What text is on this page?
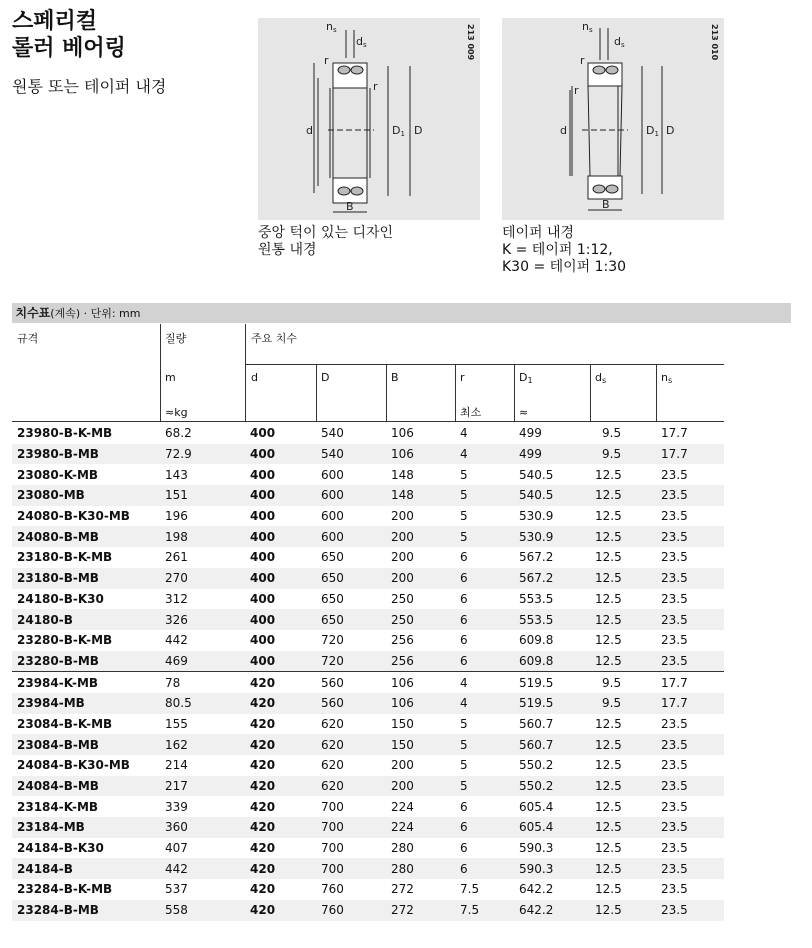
스페리컬
롤러 베어링
원통 또는 테이퍼 내경
ns
ds
r
r
d	D1 D
B
213 009	ns
ds
r
r
d	D1 D
B
213 010
중앙 턱이 있는 디자인
원통 내경
테이퍼 내경
K = 테이퍼 1:12,
K30 = 테이퍼 1:30
치수표(계속) · 단위: mm
규격	질량
m
≈kg
주요 치수
d	D	B	r
최소
$D_1$
≈
$d_s$	$n_s$
23980-B-K-MB	68.2	400	540	106	4	499	9.5	17.7
23980-B-MB	72.9	400	540	106	4	499	9.5	17.7
23080-K-MB	143	400	600	148	5	540.5	12.5	23.5
23080-MB	151	400	600	148	5	540.5	12.5	23.5
24080-B-K30-MB	196	400	600	200	5	530.9	12.5	23.5
24080-B-MB	198	400	600	200	5	530.9	12.5	23.5
23180-B-K-MB	261	400	650	200	6	567.2	12.5	23.5
23180-B-MB	270	400	650	200	6	567.2	12.5	23.5
24180-B-K30	312	400	650	250	6	553.5	12.5	23.5
24180-B	326	400	650	250	6	553.5	12.5	23.5
23280-B-K-MB	442	400	720	256	6	609.8	12.5	23.5
23280-B-MB	469	400	720	256	6	609.8	12.5	23.5
23984-K-MB	78	420	560	106	4	519.5	9.5	17.7
23984-MB	80.5	420	560	106	4	519.5	9.5	17.7
23084-B-K-MB	155	420	620	150	5	560.7	12.5	23.5
23084-B-MB	162	420	620	150	5	560.7	12.5	23.5
24084-B-K30-MB	214	420	620	200	5	550.2	12.5	23.5
24084-B-MB	217	420	620	200	5	550.2	12.5	23.5
23184-K-MB	339	420	700	224	6	605.4	12.5	23.5
23184-MB	360	420	700	224	6	605.4	12.5	23.5
24184-B-K30	407	420	700	280	6	590.3	12.5	23.5
24184-B	442	420	700	280	6	590.3	12.5	23.5
23284-B-K-MB	537	420	760	272	7.5	642.2	12.5	23.5
23284-B-MB	558	420	760	272	7.5	642.2	12.5	23.5
